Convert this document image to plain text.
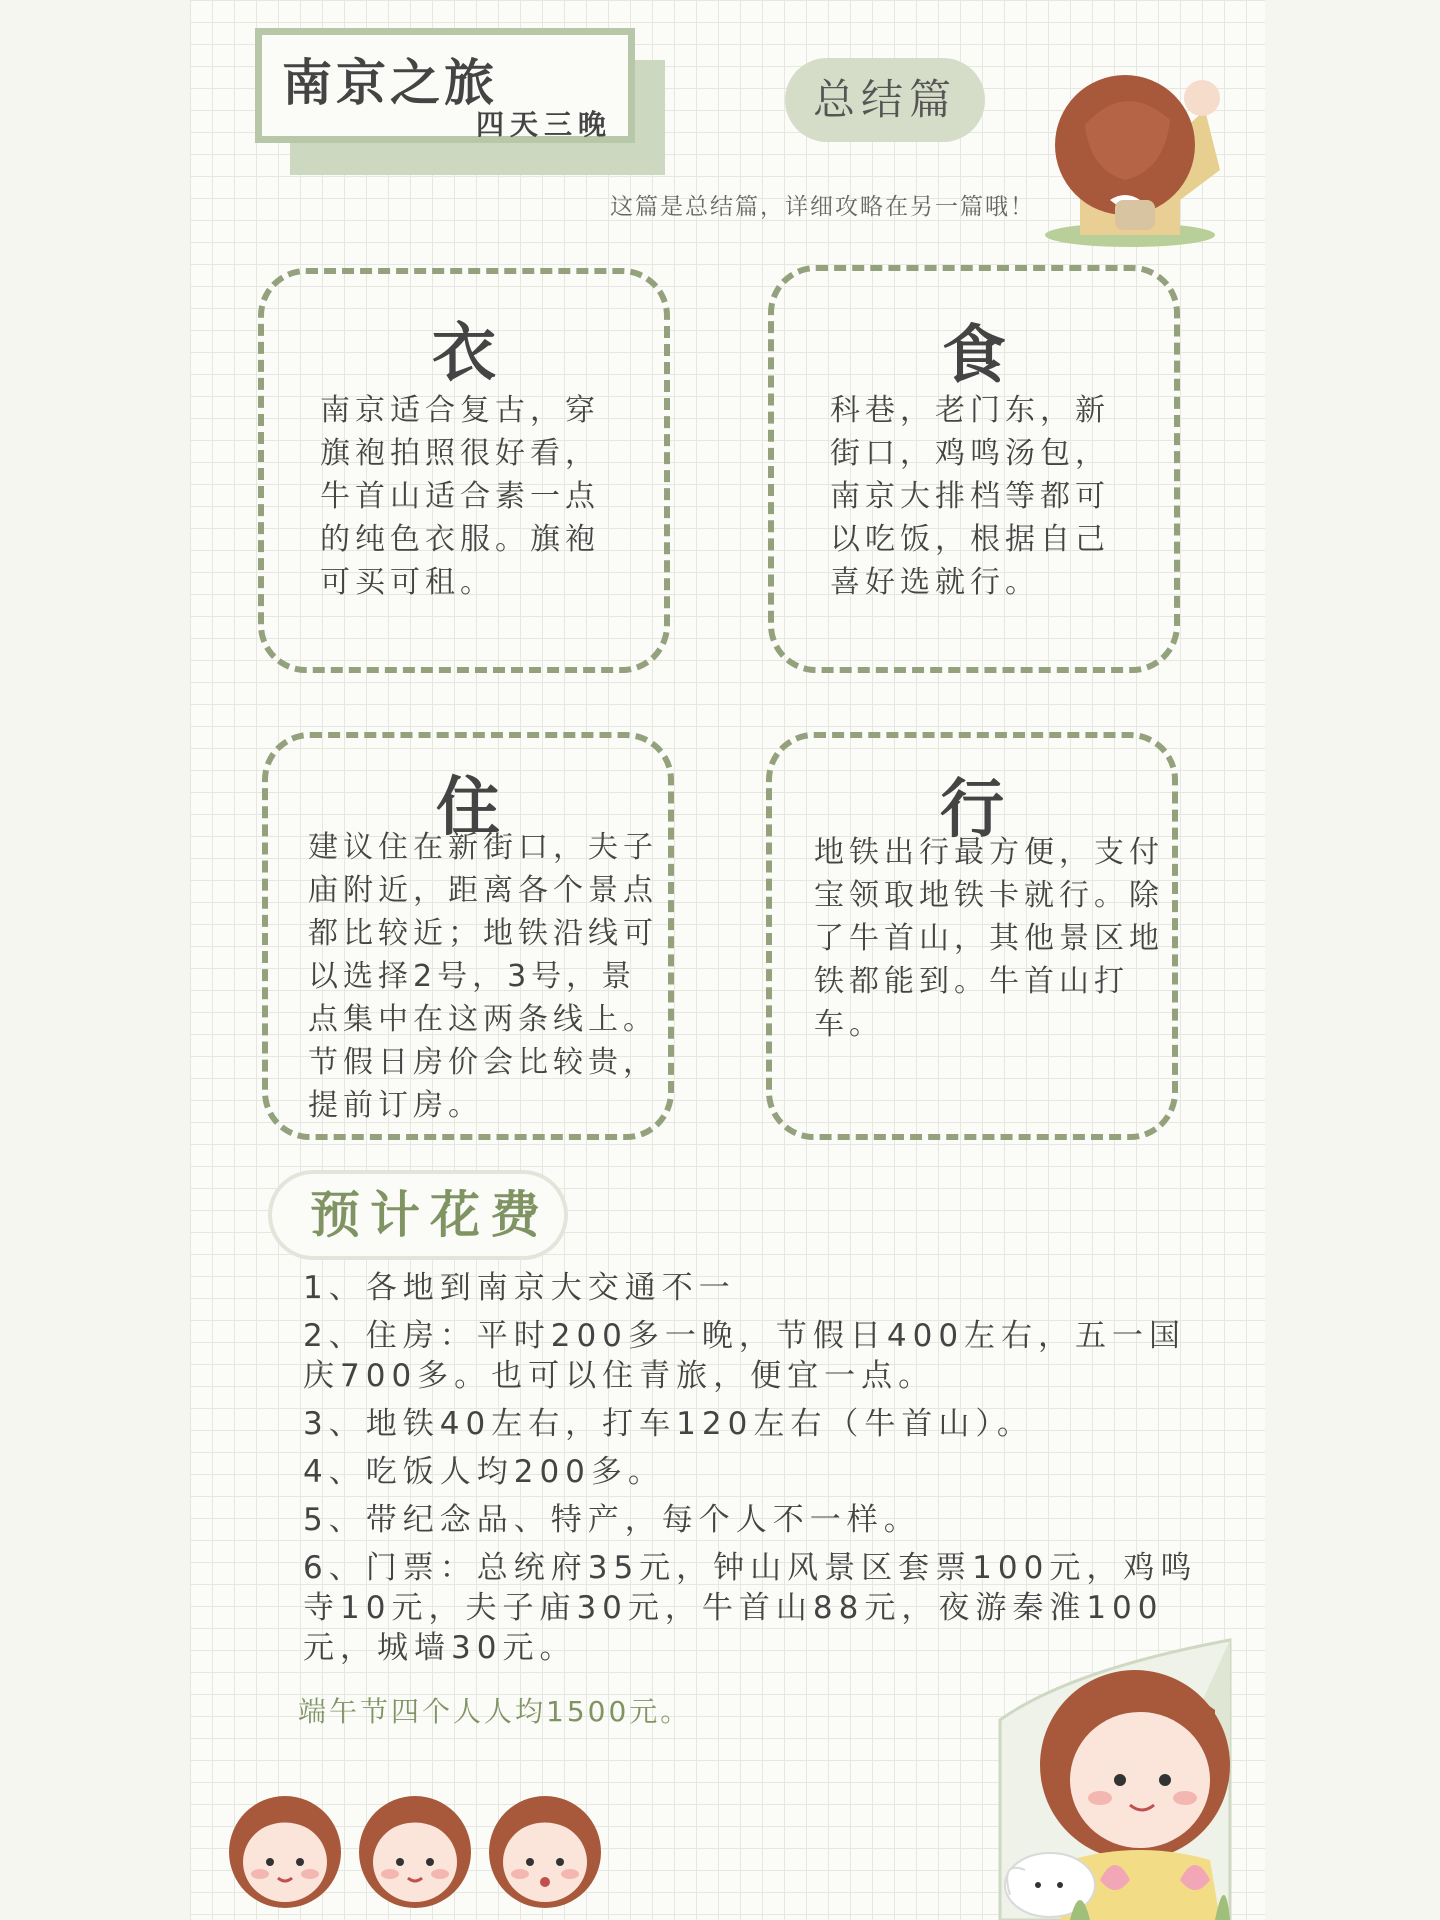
南京之旅
四天三晚
总结篇
这篇是总结篇，详细攻略在另一篇哦！
衣
南京适合复古，穿旗袍拍照很好看，牛首山适合素一点的纯色衣服。旗袍可买可租。
食
科巷，老门东，新街口，鸡鸣汤包，南京大排档等都可以吃饭，根据自己喜好选就行。
住
建议住在新街口，夫子庙附近，距离各个景点都比较近；地铁沿线可以选择2号，3号，景点集中在这两条线上。节假日房价会比较贵，提前订房。
行
地铁出行最方便，支付宝领取地铁卡就行。除了牛首山，其他景区地铁都能到。牛首山打车。
预计花费
1、各地到南京大交通不一
2、住房：平时200多一晚，节假日400左右，五一国庆700多。也可以住青旅，便宜一点。
3、地铁40左右，打车120左右（牛首山）。
4、吃饭人均200多。
5、带纪念品、特产，每个人不一样。
6、门票：总统府35元，钟山风景区套票100元，鸡鸣寺10元，夫子庙30元，牛首山88元，夜游秦淮100元，城墙30元。
端午节四个人人均1500元。
